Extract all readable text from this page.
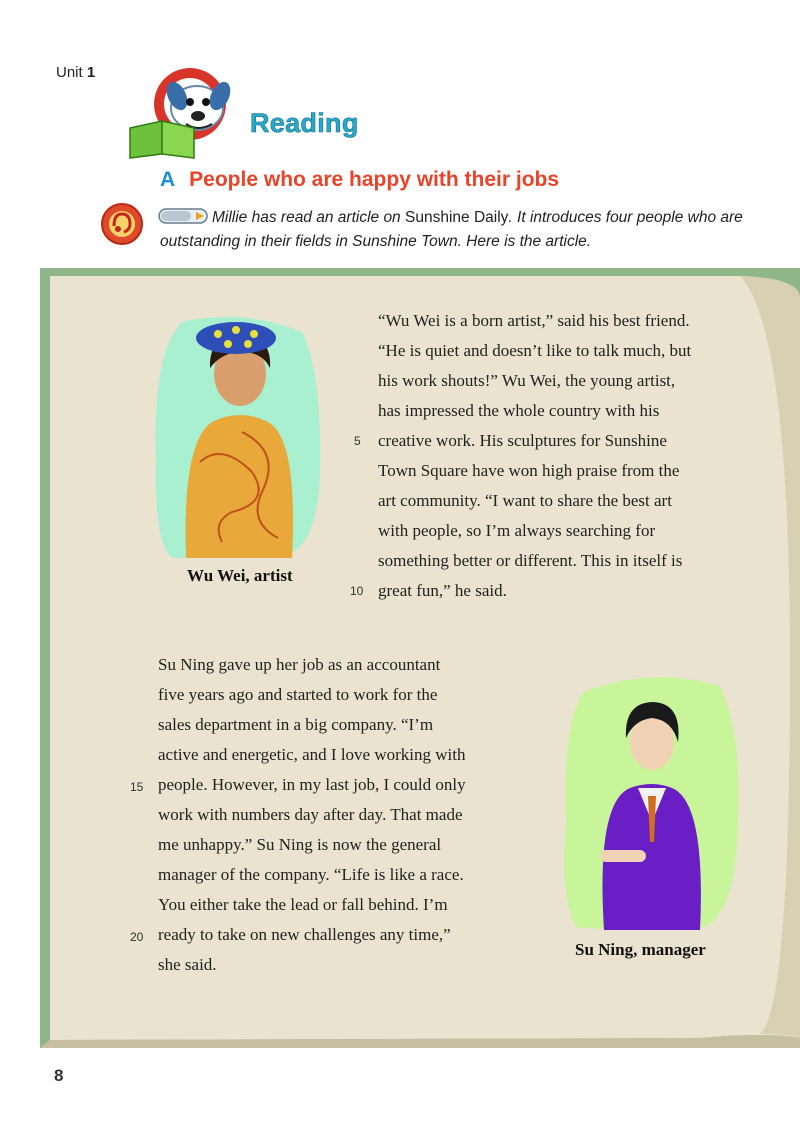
Unit 1
Reading
A People who are happy with their jobs
Millie has read an article on Sunshine Daily. It introduces four people who are outstanding in their fields in Sunshine Town. Here is the article.
Wu Wei, artist
“Wu Wei is a born artist,” said his best friend.
“He is quiet and doesn’t like to talk much, but
his work shouts!” Wu Wei, the young artist,
has impressed the whole country with his
creative work. His sculptures for Sunshine
Town Square have won high praise from the
art community. “I want to share the best art
with people, so I’m always searching for
something better or different. This in itself is
great fun,” he said.
5
10
Su Ning gave up her job as an accountant
five years ago and started to work for the
sales department in a big company. “I’m
active and energetic, and I love working with
people. However, in my last job, I could only
work with numbers day after day. That made
me unhappy.” Su Ning is now the general
manager of the company. “Life is like a race.
You either take the lead or fall behind. I’m
ready to take on new challenges any time,”
she said.
15
20
Su Ning, manager
8
